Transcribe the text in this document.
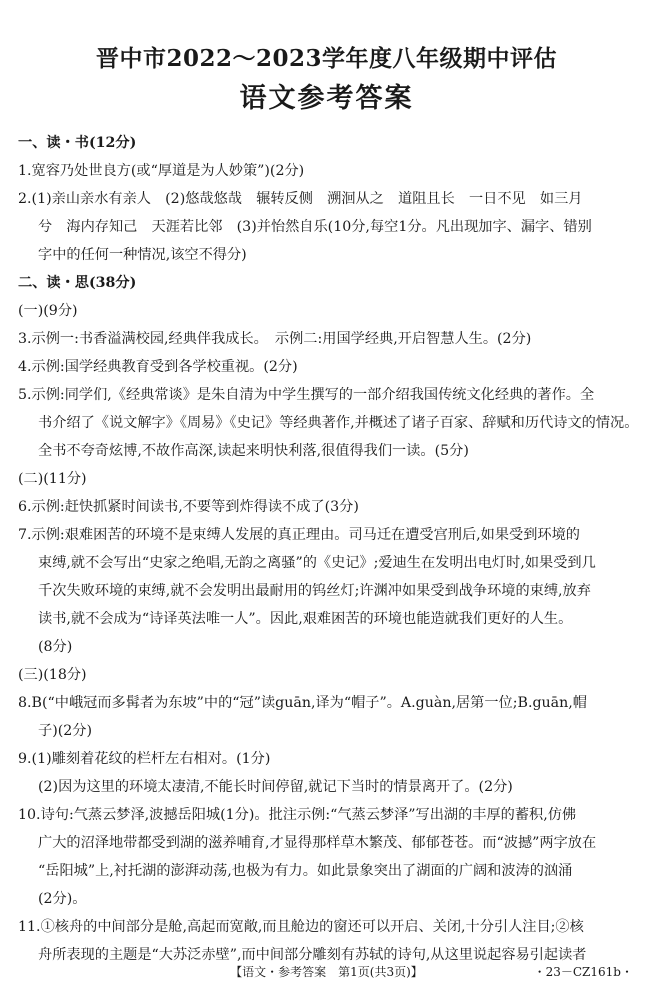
晋中市2022～2023学年度八年级期中评估
语文参考答案
一、读・书(12分)
1.宽容乃处世良方(或“厚道是为人妙策”)(2分)
2.(1)亲山亲水有亲人　(2)悠哉悠哉　辗转反侧　溯洄从之　道阻且长　一日不见　如三月
兮　海内存知己　天涯若比邻　(3)并怡然自乐(10分,每空1分。凡出现加字、漏字、错别
字中的任何一种情况,该空不得分)
二、读・思(38分)
(一)(9分)
3.示例一:书香溢满校园,经典伴我成长。　示例二:用国学经典,开启智慧人生。(2分)
4.示例:国学经典教育受到各学校重视。(2分)
5.示例:同学们,《经典常谈》是朱自清为中学生撰写的一部介绍我国传统文化经典的著作。全
书介绍了《说文解字》《周易》《史记》等经典著作,并概述了诸子百家、辞赋和历代诗文的情况。
全书不夸奇炫博,不故作高深,读起来明快利落,很值得我们一读。(5分)
(二)(11分)
6.示例:赶快抓紧时间读书,不要等到炸得读不成了(3分)
7.示例:艰难困苦的环境不是束缚人发展的真正理由。司马迁在遭受宫刑后,如果受到环境的
束缚,就不会写出“史家之绝唱,无韵之离骚”的《史记》;爱迪生在发明出电灯时,如果受到几
千次失败环境的束缚,就不会发明出最耐用的钨丝灯;许渊冲如果受到战争环境的束缚,放弃
读书,就不会成为“诗译英法唯一人”。因此,艰难困苦的环境也能造就我们更好的人生。
(8分)
(三)(18分)
8.B(“中峨冠而多髯者为东坡”中的“冠”读guān,译为“帽子”。A.guàn,居第一位;B.guān,帽
子)(2分)
9.(1)雕刻着花纹的栏杆左右相对。(1分)
(2)因为这里的环境太凄清,不能长时间停留,就记下当时的情景离开了。(2分)
10.诗句:气蒸云梦泽,波撼岳阳城(1分)。批注示例:“气蒸云梦泽”写出湖的丰厚的蓄积,仿佛
广大的沼泽地带都受到湖的滋养哺育,才显得那样草木繁茂、郁郁苍苍。而“波撼”两字放在
“岳阳城”上,衬托湖的澎湃动荡,也极为有力。如此景象突出了湖面的广阔和波涛的汹涌
(2分)。
11.①核舟的中间部分是舱,高起而宽敞,而且舱边的窗还可以开启、关闭,十分引人注目;②核
舟所表现的主题是“大苏泛赤壁”,而中间部分雕刻有苏轼的诗句,从这里说起容易引起读者
【语文・参考答案　第1页(共3页)】	・23－CZ161b・
